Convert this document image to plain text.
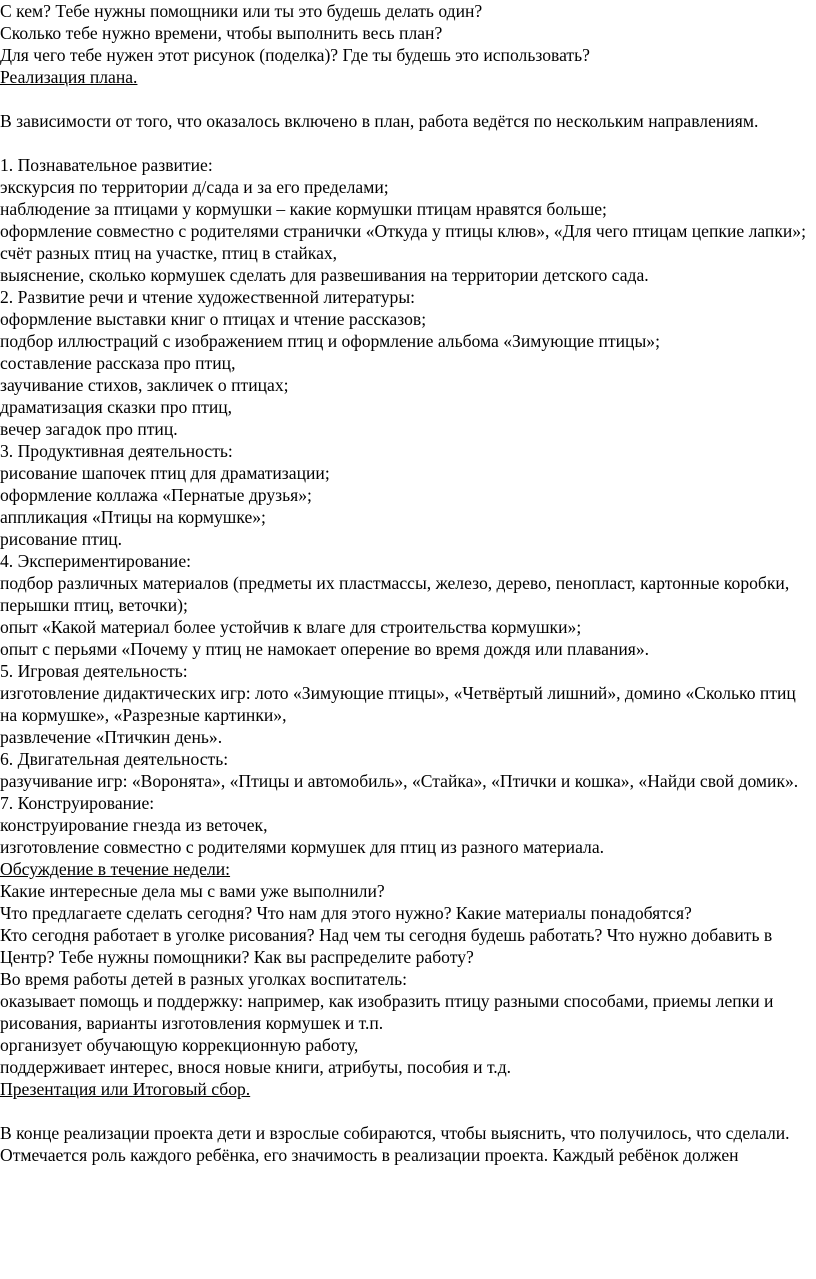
С кем? Тебе нужны помощники или ты это будешь делать один?

Сколько тебе нужно времени, чтобы выполнить весь план?

Для чего тебе нужен этот рисунок (поделка)? Где ты будешь это использовать?

Реализация плана.

В зависимости от того, что оказалось включено в план, работа ведётся по нескольким направлениям.

1. Познавательное развитие:

экскурсия по территории д/сада и за его пределами;

наблюдение за птицами у кормушки – какие кормушки птицам нравятся больше;

оформление совместно с родителями странички «Откуда у птицы клюв», «Для чего птицам цепкие лапки»;

счёт разных птиц на участке, птиц в стайках,

выяснение, сколько кормушек сделать для развешивания на территории детского сада.

2. Развитие речи и чтение художественной литературы:

оформление выставки книг о птицах и чтение рассказов;

подбор иллюстраций с изображением птиц и оформление альбома «Зимующие птицы»;

составление рассказа про птиц,

заучивание стихов, закличек о птицах;

драматизация сказки про птиц,

вечер загадок про птиц.

3. Продуктивная деятельность:

рисование шапочек птиц для драматизации;

оформление коллажа «Пернатые друзья»;

аппликация «Птицы на кормушке»;

рисование птиц.

4. Экспериментирование:

подбор различных материалов (предметы их пластмассы, железо, дерево, пенопласт, картонные коробки, перышки птиц, веточки);

опыт «Какой материал более устойчив к влаге для строительства кормушки»;

опыт с перьями «Почему у птиц не намокает оперение во время дождя или плавания».

5. Игровая деятельность:

изготовление дидактических игр: лото «Зимующие птицы», «Четвёртый лишний», домино «Сколько птиц на кормушке», «Разрезные картинки»,

развлечение «Птичкин день».

6. Двигательная деятельность:

разучивание игр: «Воронята», «Птицы и автомобиль», «Стайка», «Птички и кошка», «Найди свой домик».

7. Конструирование:

конструирование гнезда из веточек,

изготовление совместно с родителями кормушек для птиц из разного материала.

Обсуждение в течение недели:

Какие интересные дела мы с вами уже выполнили?

Что предлагаете сделать сегодня? Что нам для этого нужно? Какие материалы понадобятся?

Кто сегодня работает в уголке рисования? Над чем ты сегодня будешь работать? Что нужно добавить в Центр? Тебе нужны помощники? Как вы распределите работу?

Во время работы детей в разных уголках воспитатель:

оказывает помощь и поддержку: например, как изобразить птицу разными способами, приемы лепки и рисования, варианты изготовления кормушек и т.п.

организует обучающую коррекционную работу,

поддерживает интерес, внося новые книги, атрибуты, пособия и т.д.

Презентация или Итоговый сбор.

В конце реализации проекта дети и взрослые собираются, чтобы выяснить, что получилось, что сделали.

Отмечается роль каждого ребёнка, его значимость в реализации проекта. Каждый ребёнок должен
